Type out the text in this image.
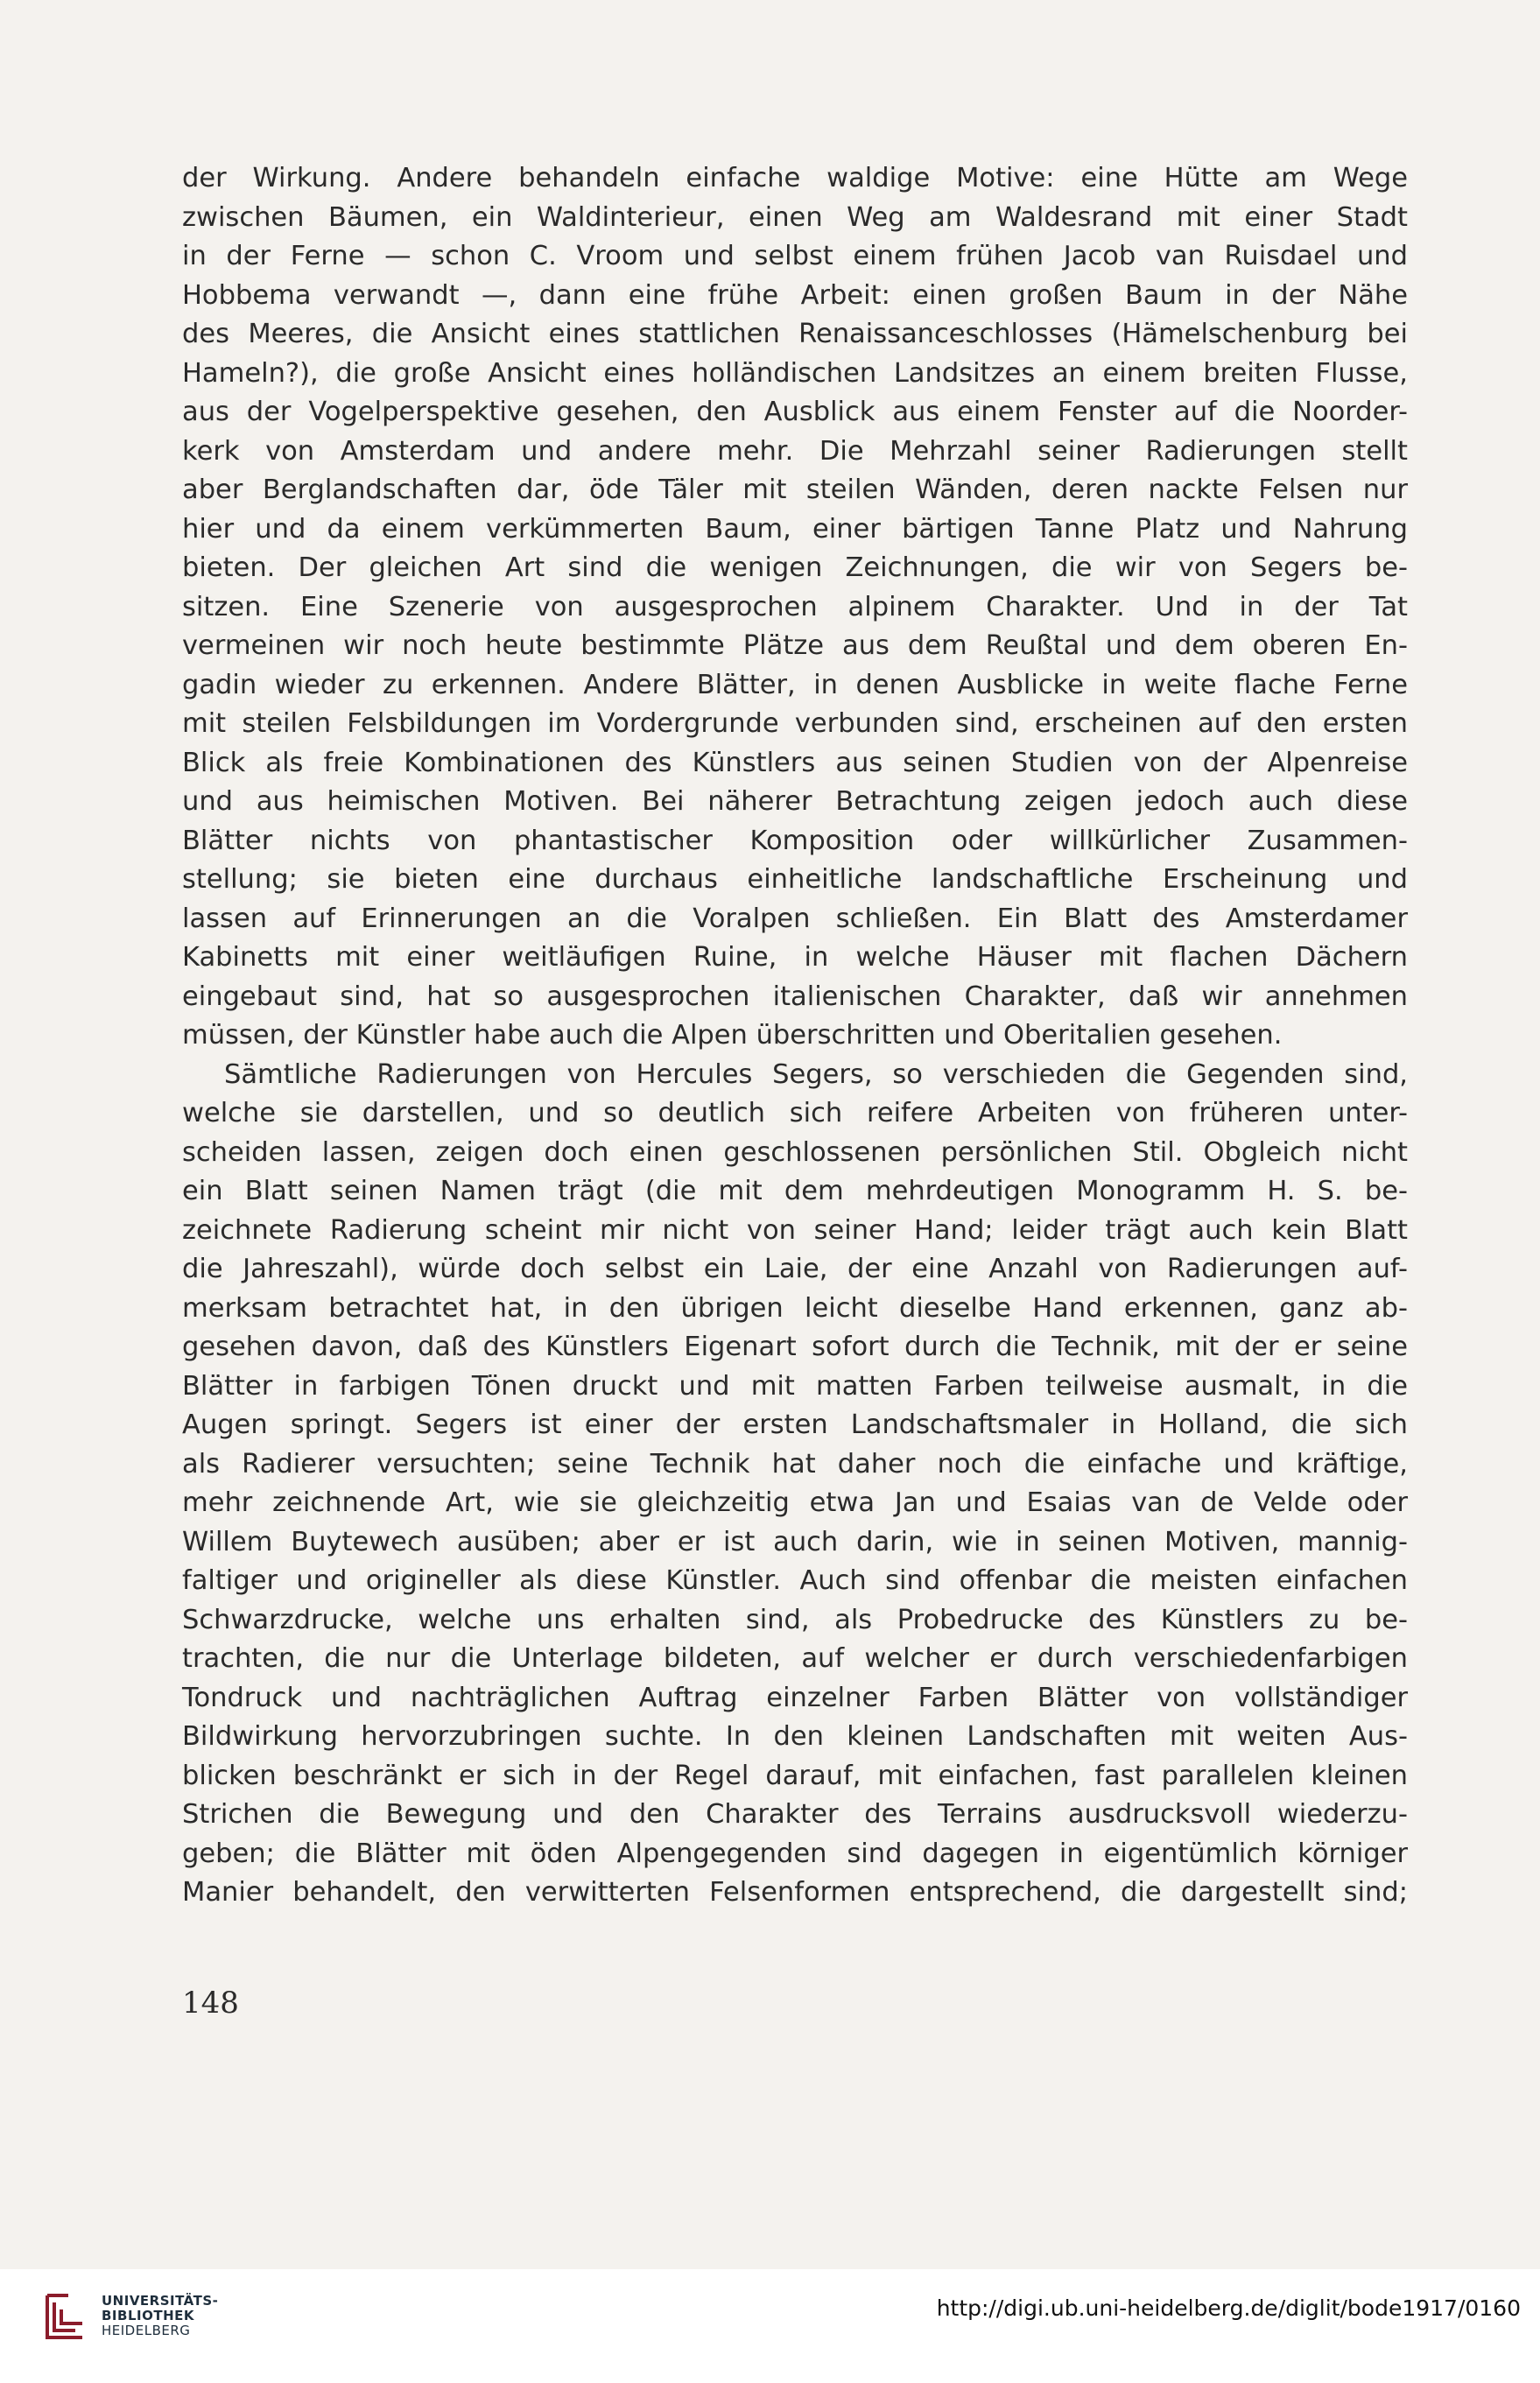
der Wirkung. Andere behandeln einfache waldige Motive: eine Hütte am Wege
zwischen Bäumen, ein Waldinterieur, einen Weg am Waldesrand mit einer Stadt
in der Ferne — schon C. Vroom und selbst einem frühen Jacob van Ruisdael und
Hobbema verwandt —, dann eine frühe Arbeit: einen großen Baum in der Nähe
des Meeres, die Ansicht eines stattlichen Renaissanceschlosses (Hämelschenburg bei
Hameln?), die große Ansicht eines holländischen Landsitzes an einem breiten Flusse,
aus der Vogelperspektive gesehen, den Ausblick aus einem Fenster auf die Noorder-
kerk von Amsterdam und andere mehr. Die Mehrzahl seiner Radierungen stellt
aber Berglandschaften dar, öde Täler mit steilen Wänden, deren nackte Felsen nur
hier und da einem verkümmerten Baum, einer bärtigen Tanne Platz und Nahrung
bieten. Der gleichen Art sind die wenigen Zeichnungen, die wir von Segers be-
sitzen. Eine Szenerie von ausgesprochen alpinem Charakter. Und in der Tat
vermeinen wir noch heute bestimmte Plätze aus dem Reußtal und dem oberen En-
gadin wieder zu erkennen. Andere Blätter, in denen Ausblicke in weite flache Ferne
mit steilen Felsbildungen im Vordergrunde verbunden sind, erscheinen auf den ersten
Blick als freie Kombinationen des Künstlers aus seinen Studien von der Alpenreise
und aus heimischen Motiven. Bei näherer Betrachtung zeigen jedoch auch diese
Blätter nichts von phantastischer Komposition oder willkürlicher Zusammen-
stellung; sie bieten eine durchaus einheitliche landschaftliche Erscheinung und
lassen auf Erinnerungen an die Voralpen schließen. Ein Blatt des Amsterdamer
Kabinetts mit einer weitläufigen Ruine, in welche Häuser mit flachen Dächern
eingebaut sind, hat so ausgesprochen italienischen Charakter, daß wir annehmen
müssen, der Künstler habe auch die Alpen überschritten und Oberitalien gesehen.
Sämtliche Radierungen von Hercules Segers, so verschieden die Gegenden sind,
welche sie darstellen, und so deutlich sich reifere Arbeiten von früheren unter-
scheiden lassen, zeigen doch einen geschlossenen persönlichen Stil. Obgleich nicht
ein Blatt seinen Namen trägt (die mit dem mehrdeutigen Monogramm H. S. be-
zeichnete Radierung scheint mir nicht von seiner Hand; leider trägt auch kein Blatt
die Jahreszahl), würde doch selbst ein Laie, der eine Anzahl von Radierungen auf-
merksam betrachtet hat, in den übrigen leicht dieselbe Hand erkennen, ganz ab-
gesehen davon, daß des Künstlers Eigenart sofort durch die Technik, mit der er seine
Blätter in farbigen Tönen druckt und mit matten Farben teilweise ausmalt, in die
Augen springt. Segers ist einer der ersten Landschaftsmaler in Holland, die sich
als Radierer versuchten; seine Technik hat daher noch die einfache und kräftige,
mehr zeichnende Art, wie sie gleichzeitig etwa Jan und Esaias van de Velde oder
Willem Buytewech ausüben; aber er ist auch darin, wie in seinen Motiven, mannig-
faltiger und origineller als diese Künstler. Auch sind offenbar die meisten einfachen
Schwarzdrucke, welche uns erhalten sind, als Probedrucke des Künstlers zu be-
trachten, die nur die Unterlage bildeten, auf welcher er durch verschiedenfarbigen
Tondruck und nachträglichen Auftrag einzelner Farben Blätter von vollständiger
Bildwirkung hervorzubringen suchte. In den kleinen Landschaften mit weiten Aus-
blicken beschränkt er sich in der Regel darauf, mit einfachen, fast parallelen kleinen
Strichen die Bewegung und den Charakter des Terrains ausdrucksvoll wiederzu-
geben; die Blätter mit öden Alpengegenden sind dagegen in eigentümlich körniger
Manier behandelt, den verwitterten Felsenformen entsprechend, die dargestellt sind;
148
UNIVERSITÄTS-
BIBLIOTHEK
HEIDELBERG
http://digi.ub.uni-heidelberg.de/diglit/bode1917/0160
